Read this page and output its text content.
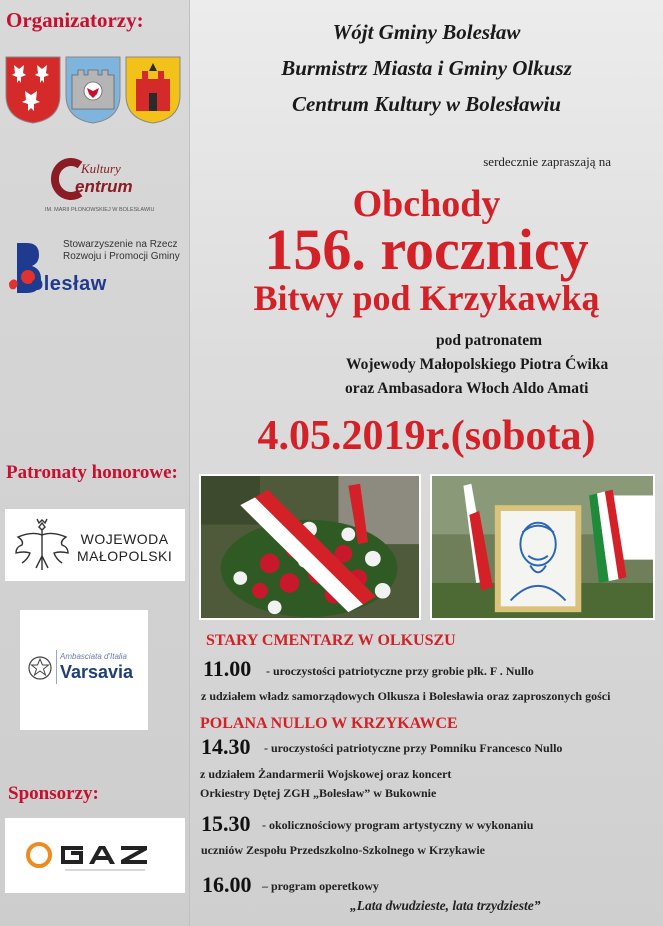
Organizatorzy:
Kultury
entrum
IM. MARII PŁONOWSKIEJ W BOLESŁAWIU
Stowarzyszenie na Rzecz Rozwoju i Promocji Gminy
olesław
Patronaty honorowe:
WOJEWODA
MAŁOPOLSKI
Ambasciata d'Italia
Varsavia
Sponsorzy:
Wójt Gminy Bolesław
Burmistrz Miasta i Gminy Olkusz
Centrum Kultury w Bolesławiu
serdecznie zapraszają na
Obchody
156. rocznicy
Bitwy pod Krzykawką
pod patronatem
Wojewody Małopolskiego Piotra Ćwika
oraz Ambasadora Włoch Aldo Amati
4.05.2019r.(sobota)
STARY CMENTARZ W OLKUSZU
11.00 - uroczystości patriotyczne przy grobie płk. F . Nullo
z udziałem władz samorządowych Olkusza i Bolesławia oraz zaproszonych gości
POLANA NULLO W KRZYKAWCE
14.30 - uroczystości patriotyczne przy Pomniku Francesco Nullo
z udziałem Żandarmerii Wojskowej oraz koncert
Orkiestry Dętej ZGH „Bolesław” w Bukownie
15.30 - okolicznościowy program artystyczny w wykonaniu
uczniów Zespołu Przedszkolno-Szkolnego w Krzykawie
16.00 – program operetkowy
„Lata dwudzieste, lata trzydzieste”
